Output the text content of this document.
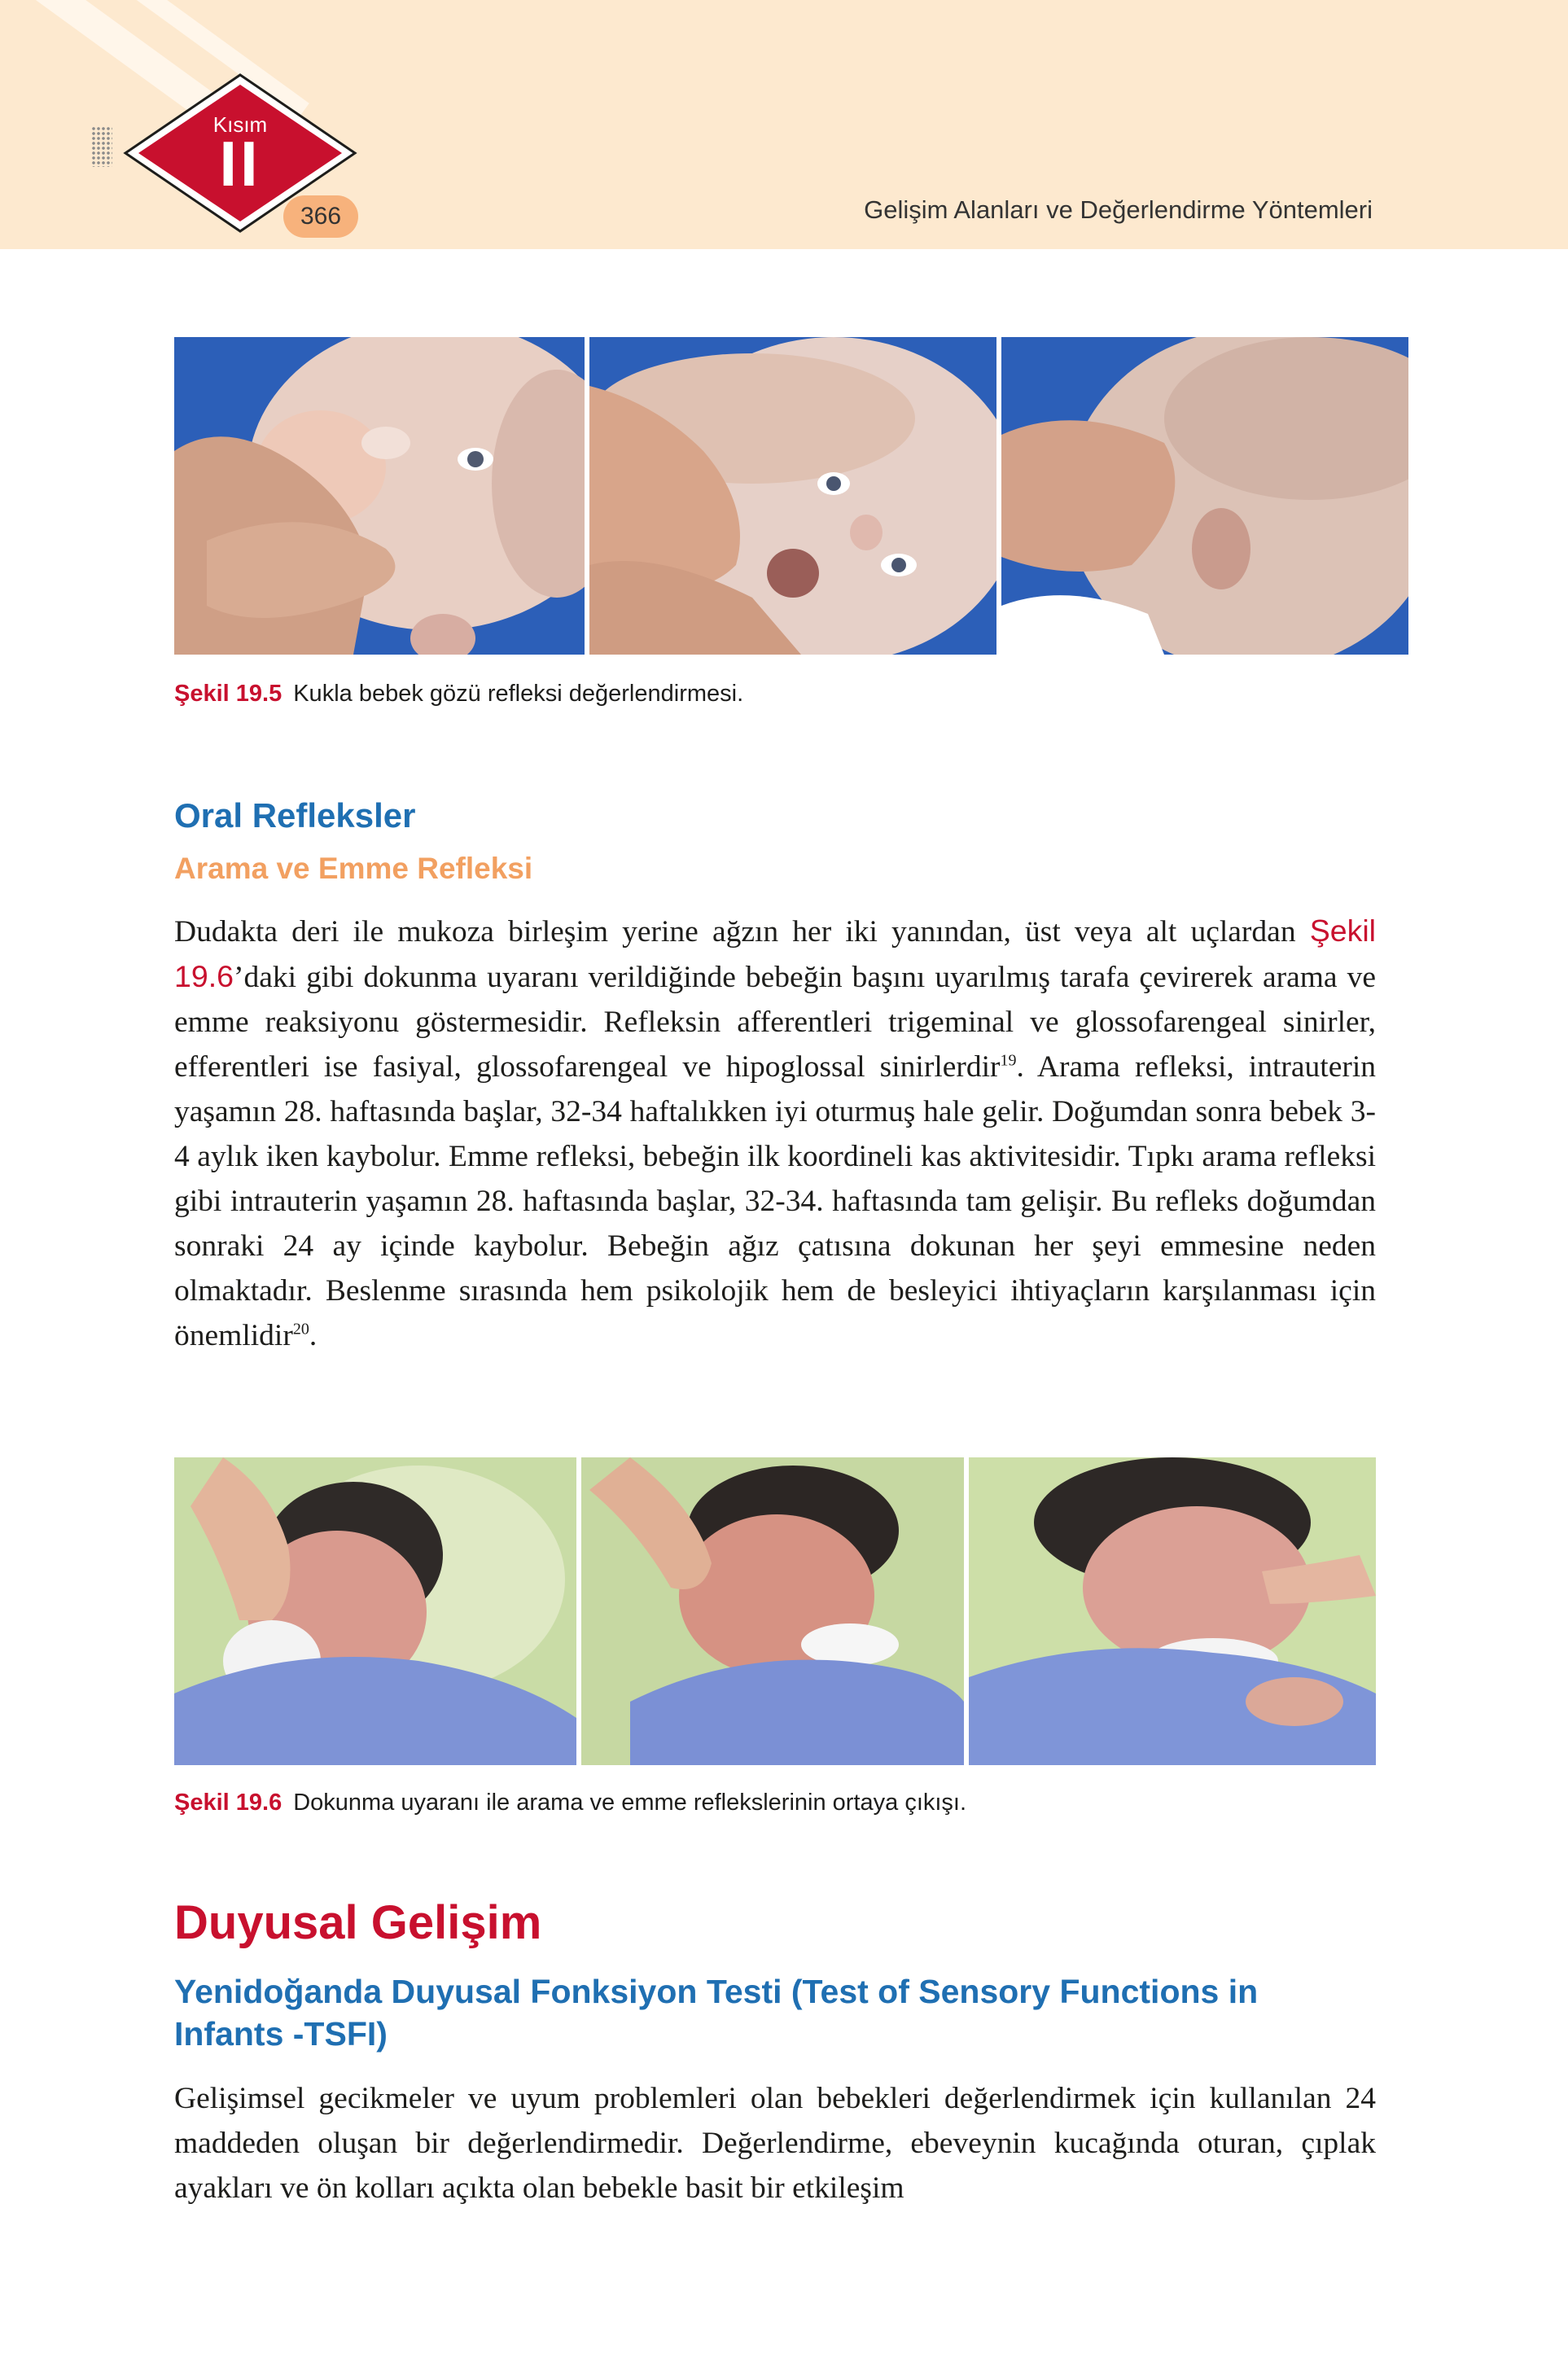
Kısım
II
366	Gelişim Alanları ve Değerlendirme Yöntemleri
Şekil 19.5 Kukla bebek gözü refleksi değerlendirmesi.
Oral Refleksler
Arama ve Emme Refleksi
Dudakta deri ile mukoza birleşim yerine ağzın her iki yanından, üst veya alt uçlardan Şekil 19.6’daki gibi dokunma uyaranı verildiğinde bebeğin başını uyarılmış tarafa çevirerek arama ve emme reaksiyonu göstermesidir. Refleksin afferentleri trigeminal ve glossofarengeal sinirler, efferentleri ise fasiyal, glossofarengeal ve hipoglossal sinirlerdir$^{19}$. Arama refleksi, intrauterin yaşamın 28. haftasında başlar, 32-34 haftalıkken iyi oturmuş hale gelir. Doğumdan sonra bebek 3-4 aylık iken kaybolur. Emme refleksi, bebeğin ilk koordineli kas aktivitesidir. Tıpkı arama refleksi gibi intrauterin yaşamın 28. haftasında başlar, 32-34. haftasında tam gelişir. Bu refleks doğumdan sonraki 24 ay içinde kaybolur. Bebeğin ağız çatısına dokunan her şeyi emmesine neden olmaktadır. Beslenme sırasında hem psikolojik hem de besleyici ihtiyaçların karşılanması için önemlidir$^{20}$.
Şekil 19.6 Dokunma uyaranı ile arama ve emme reflekslerinin ortaya çıkışı.
Duyusal Gelişim
Yenidoğanda Duyusal Fonksiyon Testi (Test of Sensory Functions in Infants -TSFI)
Gelişimsel gecikmeler ve uyum problemleri olan bebekleri değerlendirmek için kullanılan 24 maddeden oluşan bir değerlendirmedir. Değerlendirme, ebeveynin kucağında oturan, çıplak ayakları ve ön kolları açıkta olan bebekle basit bir etkileşim
